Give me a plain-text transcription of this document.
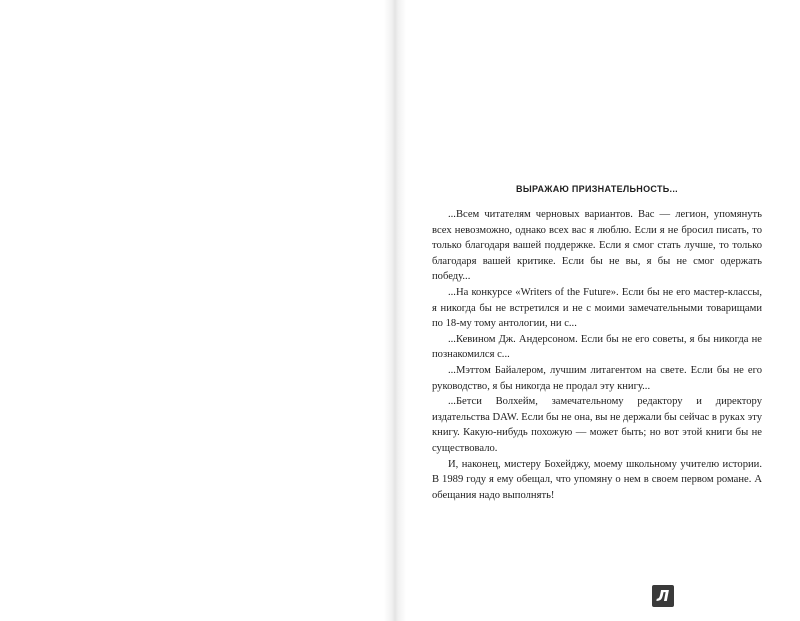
ВЫРАЖАЮ ПРИЗНАТЕЛЬНОСТЬ...

...Всем читателям черновых вариантов. Вас — легион, упомянуть всех невозможно, однако всех вас я люблю. Если я не бросил писать, то только благодаря вашей поддержке. Если я смог стать лучше, то только благодаря вашей критике. Если бы не вы, я бы не смог одержать победу...

...На конкурсе «Writers of the Future». Если бы не его мастер-классы, я никогда бы не встретился и не с моими замечательными товарищами по 18-му тому антологии, ни с...

...Кевином Дж. Андерсоном. Если бы не его советы, я бы никогда не познакомился с...

...Мэттом Байалером, лучшим литагентом на свете. Если бы не его руководство, я бы никогда не продал эту книгу...

...Бетси Волхейм, замечательному редактору и директору издательства DAW. Если бы не она, вы не держали бы сейчас в руках эту книгу. Какую-нибудь похожую — может быть; но вот этой книги бы не существовало.

И, наконец, мистеру Бохейджу, моему школьному учителю истории. В 1989 году я ему обещал, что упомяну о нем в своем первом романе. А обещания надо выполнять!

Л
